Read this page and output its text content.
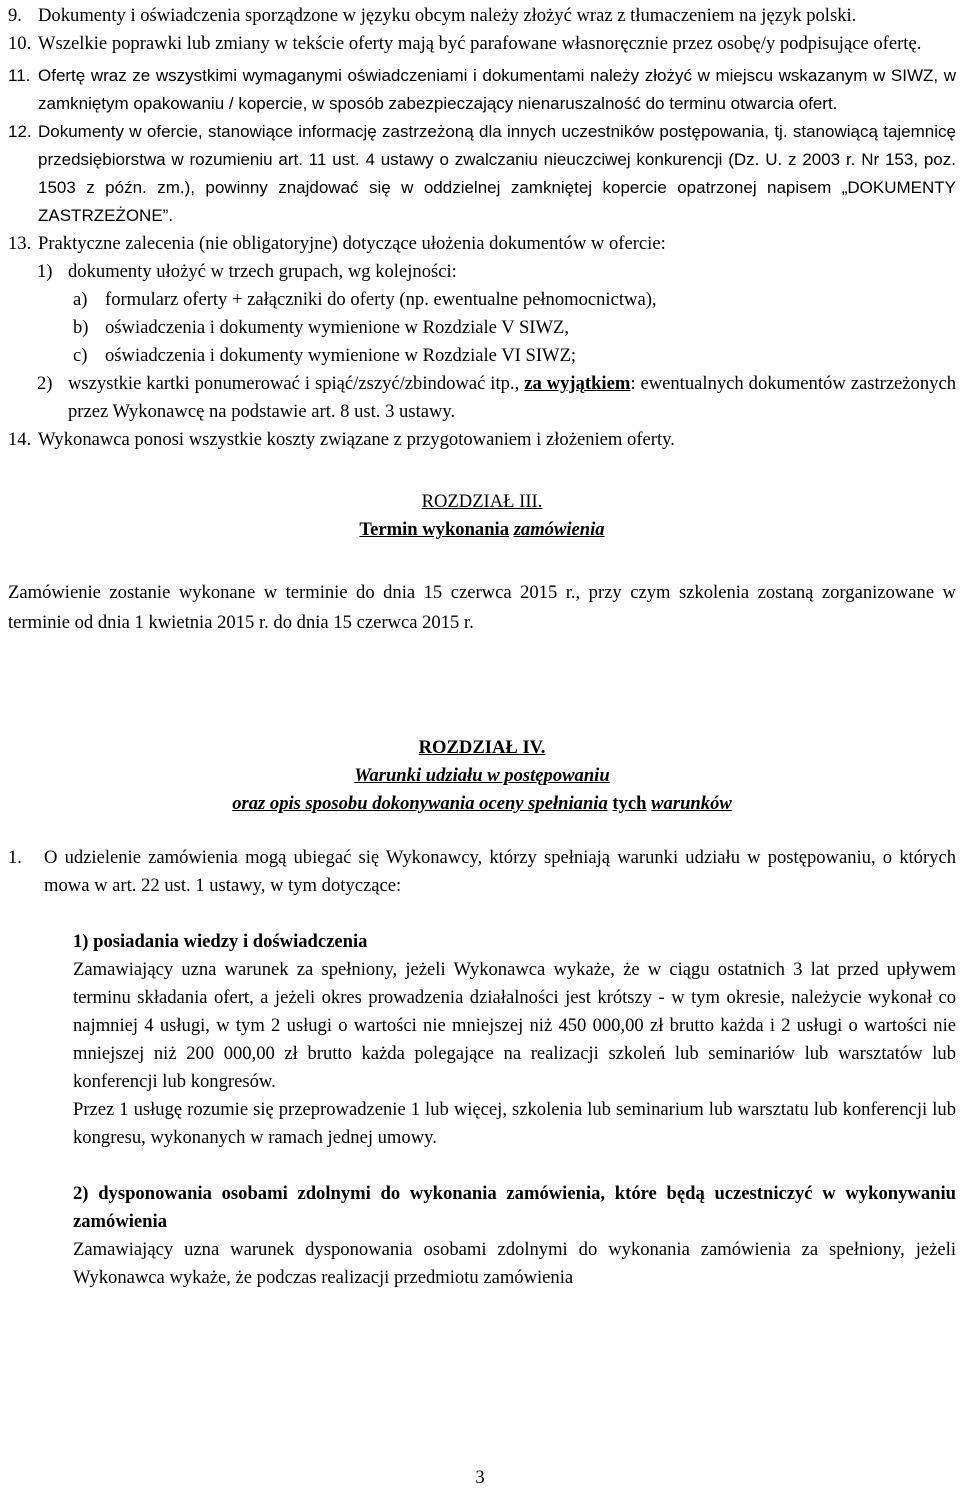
9. Dokumenty i oświadczenia sporządzone w języku obcym należy złożyć wraz z tłumaczeniem na język polski.
10. Wszelkie poprawki lub zmiany w tekście oferty mają być parafowane własnoręcznie przez osobę/y podpisujące ofertę.
11. Ofertę wraz ze wszystkimi wymaganymi oświadczeniami i dokumentami należy złożyć w miejscu wskazanym w SIWZ, w zamkniętym opakowaniu / kopercie, w sposób zabezpieczający nienaruszalność do terminu otwarcia ofert.
12. Dokumenty w ofercie, stanowiące informację zastrzeżoną dla innych uczestników postępowania, tj. stanowiącą tajemnicę przedsiębiorstwa w rozumieniu art. 11 ust. 4 ustawy o zwalczaniu nieuczciwej konkurencji (Dz. U. z 2003 r. Nr 153, poz. 1503 z późn. zm.), powinny znajdować się w oddzielnej zamkniętej kopercie opatrzonej napisem „DOKUMENTY ZASTRZEŻONE”.
13. Praktyczne zalecenia (nie obligatoryjne) dotyczące ułożenia dokumentów w ofercie:
1) dokumenty ułożyć w trzech grupach, wg kolejności:
a) formularz oferty + załączniki do oferty (np. ewentualne pełnomocnictwa),
b) oświadczenia i dokumenty wymienione w Rozdziale V SIWZ,
c) oświadczenia i dokumenty wymienione w Rozdziale VI SIWZ;
2) wszystkie kartki ponumerować i spiąć/zszyć/zbindować itp., za wyjątkiem: ewentualnych dokumentów zastrzeżonych przez Wykonawcę na podstawie art. 8 ust. 3 ustawy.
14. Wykonawca ponosi wszystkie koszty związane z przygotowaniem i złożeniem oferty.

ROZDZIAŁ III.

Termin wykonania zamówienia

Zamówienie zostanie wykonane w terminie do dnia 15 czerwca 2015 r., przy czym szkolenia zostaną zorganizowane w terminie od dnia 1 kwietnia 2015 r. do dnia 15 czerwca 2015 r.

ROZDZIAŁ IV.

Warunki udziału w postępowaniu

oraz opis sposobu dokonywania oceny spełniania tych warunków

1. O udzielenie zamówienia mogą ubiegać się Wykonawcy, którzy spełniają warunki udziału w postępowaniu, o których mowa w art. 22 ust. 1 ustawy, w tym dotyczące:

1) posiadania wiedzy i doświadczenia

Zamawiający uzna warunek za spełniony, jeżeli Wykonawca wykaże, że w ciągu ostatnich 3 lat przed upływem terminu składania ofert, a jeżeli okres prowadzenia działalności jest krótszy - w tym okresie, należycie wykonał co najmniej 4 usługi, w tym 2 usługi o wartości nie mniejszej niż 450 000,00 zł brutto każda i 2 usługi o wartości nie mniejszej niż 200 000,00 zł brutto każda polegające na realizacji szkoleń lub seminariów lub warsztatów lub konferencji lub kongresów.

Przez 1 usługę rozumie się przeprowadzenie 1 lub więcej, szkolenia lub seminarium lub warsztatu lub konferencji lub kongresu, wykonanych w ramach jednej umowy.

2) dysponowania osobami zdolnymi do wykonania zamówienia, które będą uczestniczyć w wykonywaniu zamówienia

Zamawiający uzna warunek dysponowania osobami zdolnymi do wykonania zamówienia za spełniony, jeżeli Wykonawca wykaże, że podczas realizacji przedmiotu zamówienia

3
